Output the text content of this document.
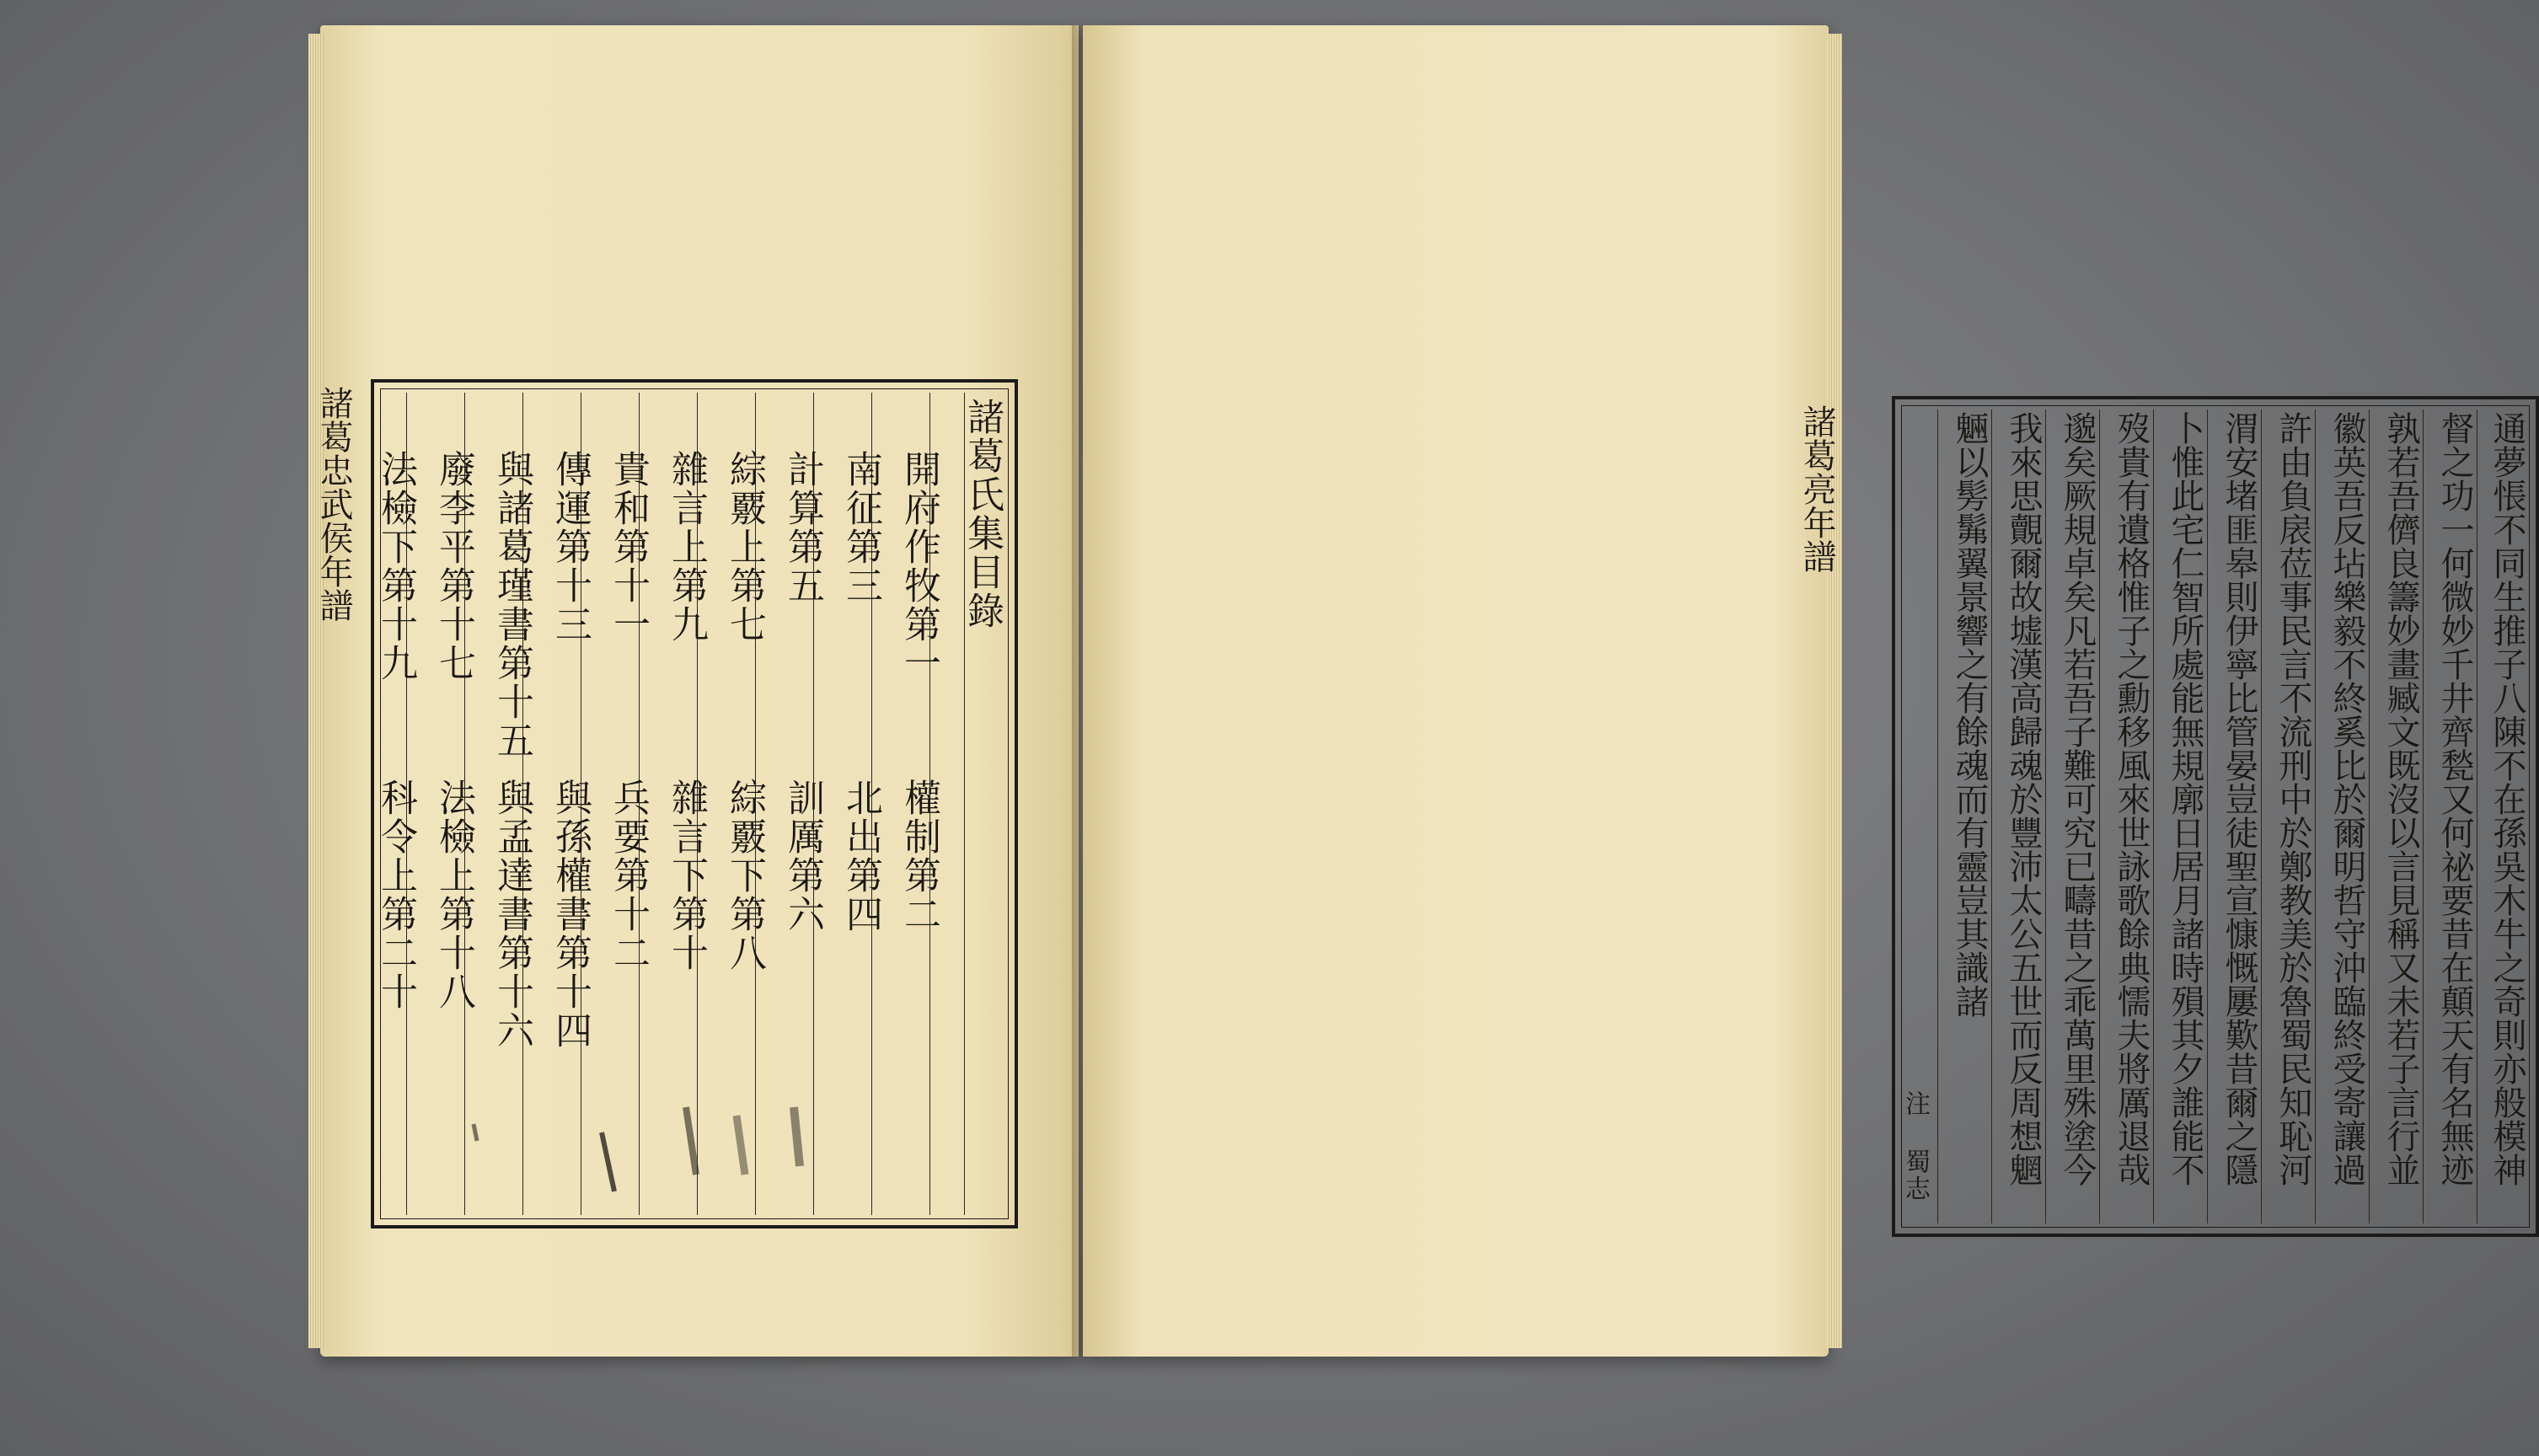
諸葛忠武侯年譜	諸葛氏集目錄
開府作牧第一
南征第三
計算第五
綜覈上第七
雜言上第九
貴和第十一
傳運第十三
與諸葛瑾書第十五
廢李平第十七
法檢下第十九
權制第二
北出第四
訓厲第六
綜覈下第八
雜言下第十
兵要第十二
與孫權書第十四
與孟達書第十六
法檢上第十八
科令上第二十
諸葛亮年譜	通夢悵不同生推子八陳不在孫吳木牛之奇則亦般模神
督之功一何微妙千井齊甃又何祕要昔在顛天有名無迹
孰若吾儕良籌妙畫臧文既沒以言見稱又未若子言行並
徽英吾反坫樂毅不終奚比於爾明哲守沖臨終受寄讓過
許由負扆莅事民言不流刑中於鄭教美於魯蜀民知恥河
渭安堵匪皋則伊寧比管晏豈徒聖宣慷慨屢歎昔爾之隱
卜惟此宅仁智所處能無規廓日居月諸時殞其夕誰能不
歿貴有遺格惟子之勳移風來世詠歌餘典懦夫將厲退哉
邈矣厥規卓矣凡若吾子難可究已疇昔之乖萬里殊塗今
我來思覿爾故墟漢高歸魂於豐沛太公五世而反周想魍
魎以髣髴翼景響之有餘魂而有靈豈其識諸
注 蜀志
